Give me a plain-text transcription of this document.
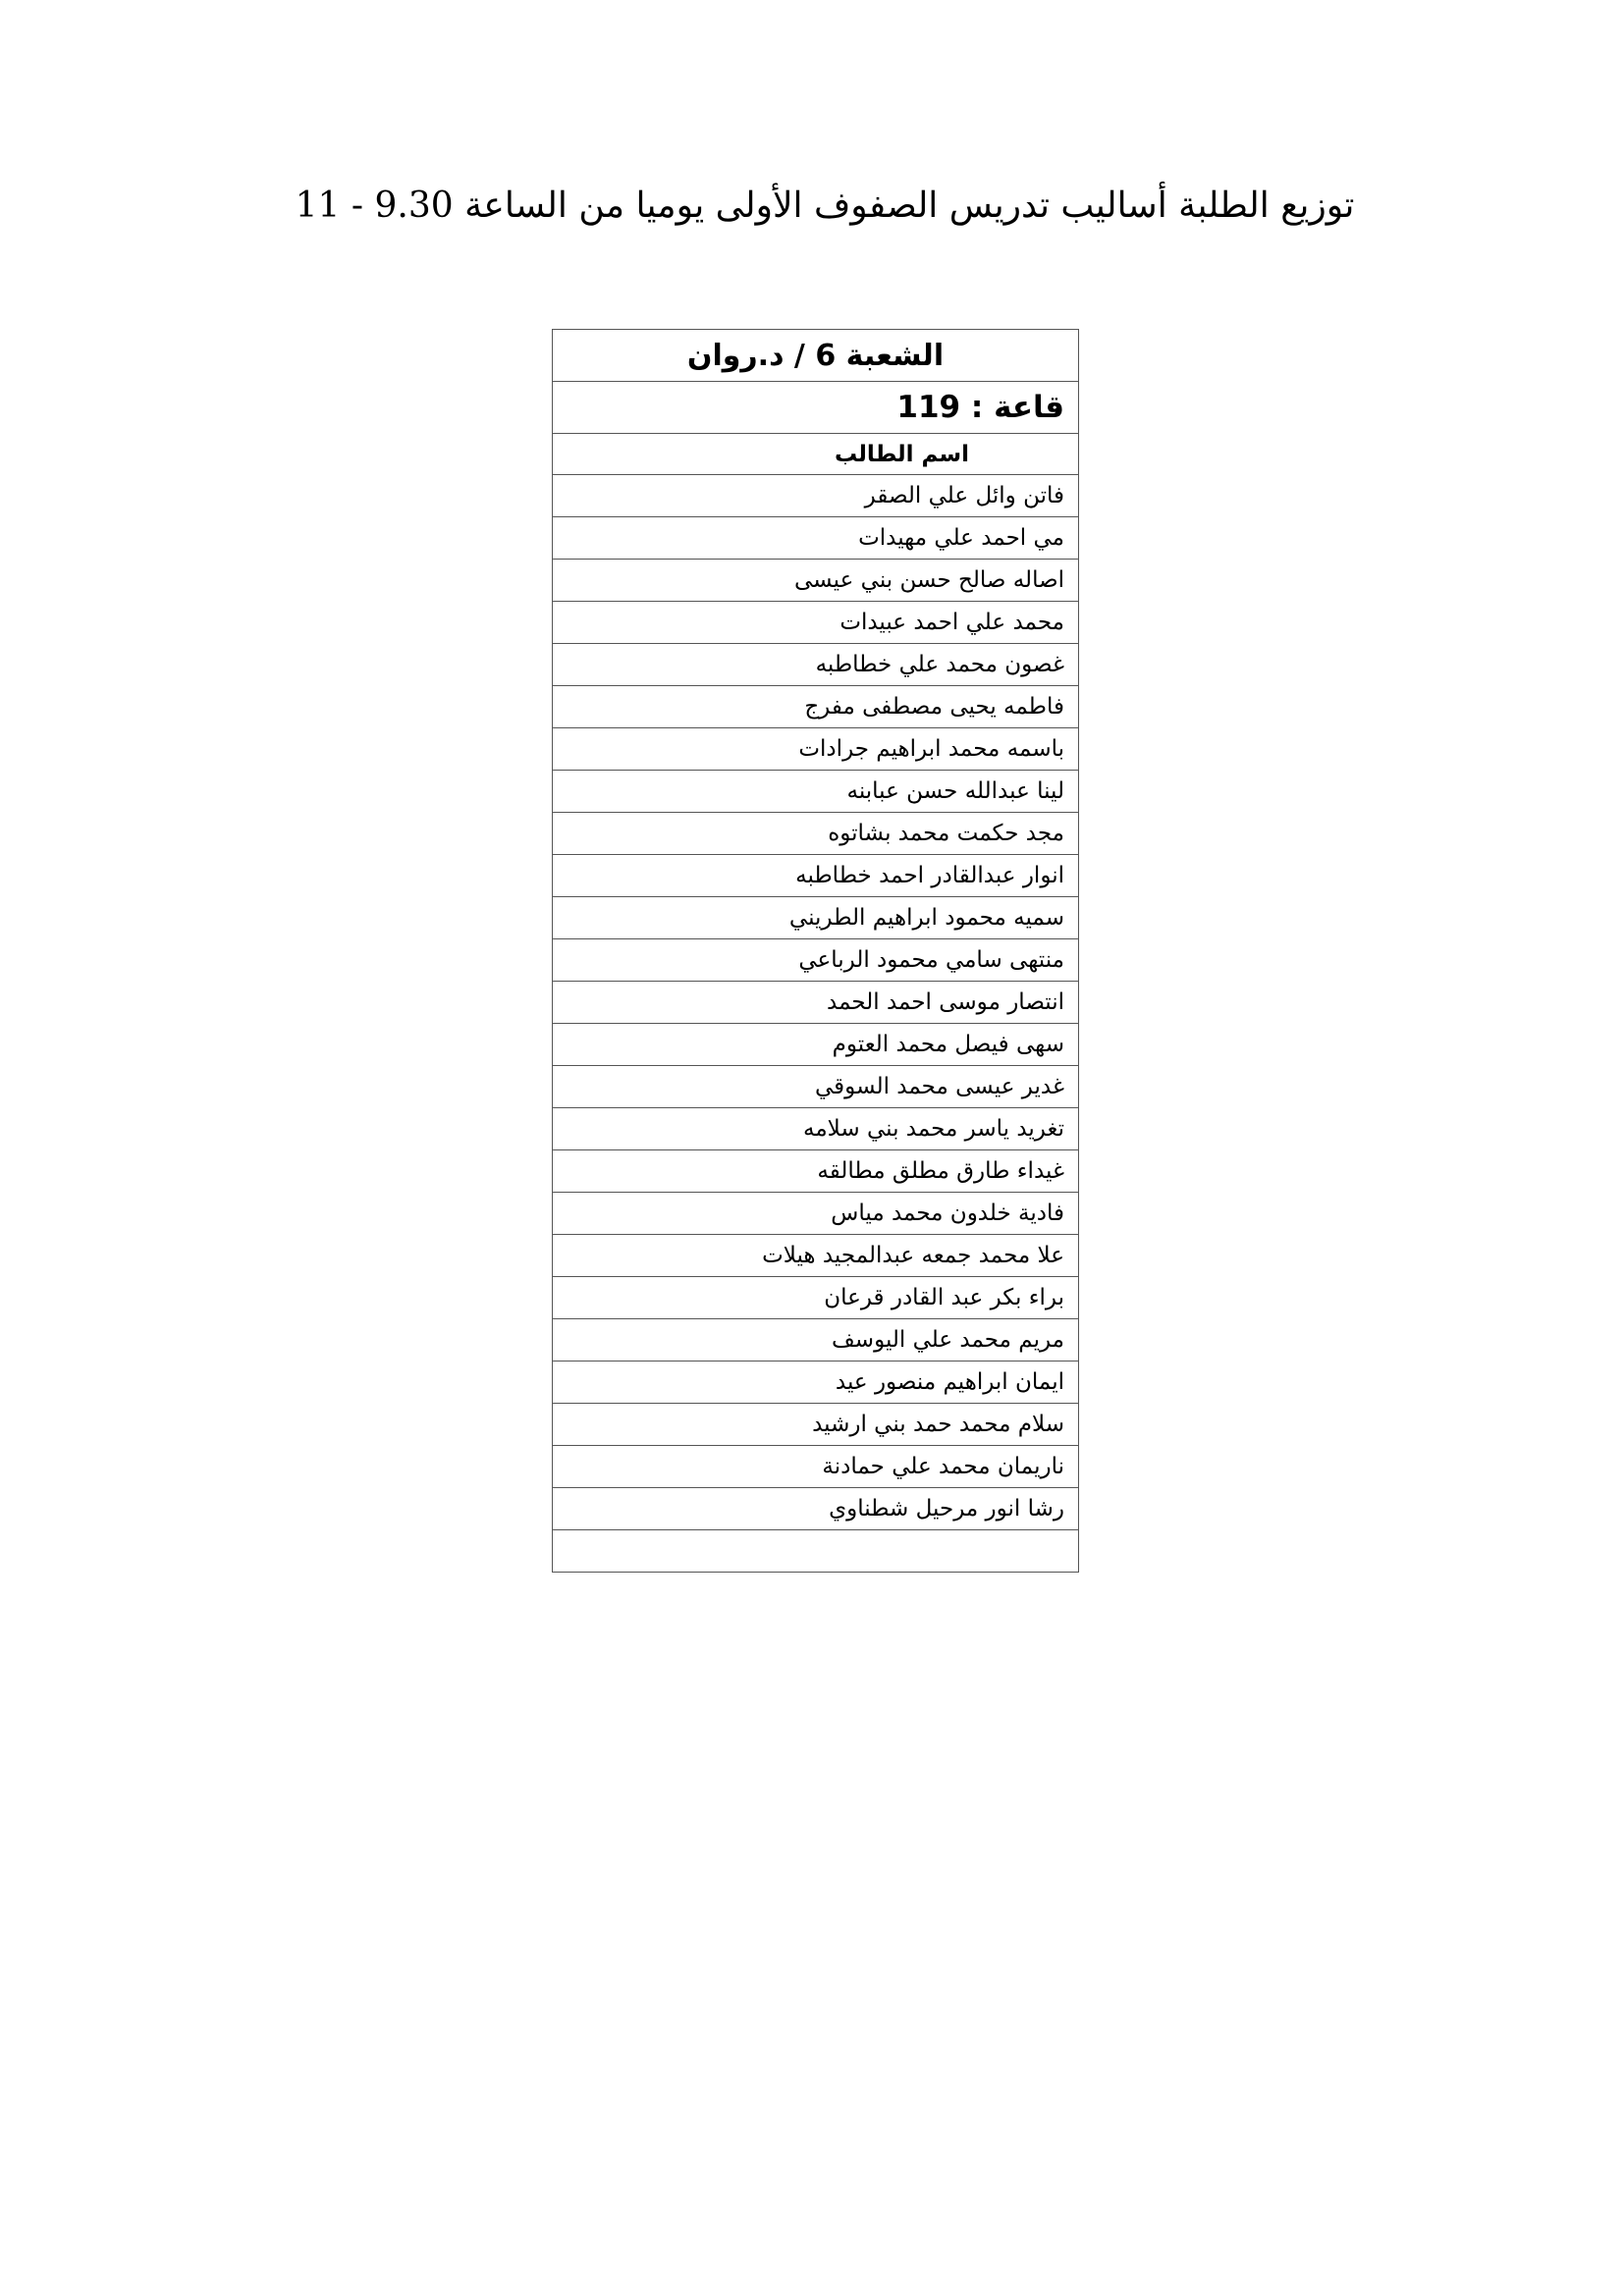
توزيع الطلبة أساليب تدريس الصفوف الأولى يوميا من الساعة 9.30 - 11
الشعبة 6 / د.روان
قاعة : 119
اسم الطالب
فاتن وائل علي الصقر
مي احمد علي مهيدات
اصاله صالح حسن بني عيسى
محمد علي احمد عبيدات
غصون محمد علي خطاطبه
فاطمه يحيى مصطفى مفرج
باسمه محمد ابراهيم جرادات
لينا عبدالله حسن عبابنه
مجد حكمت محمد بشاتوه
انوار عبدالقادر احمد خطاطبه
سميه محمود ابراهيم الطريني
منتهى سامي محمود الرباعي
انتصار موسى احمد الحمد
سهى فيصل محمد العتوم
غدير عيسى محمد السوقي
تغريد ياسر محمد بني سلامه
غيداء طارق مطلق مطالقه
فادية خلدون محمد مياس
علا محمد جمعه عبدالمجيد هيلات
براء بكر عبد القادر قرعان
مريم محمد علي اليوسف
ايمان ابراهيم منصور عيد
سلام محمد حمد بني ارشيد
ناريمان محمد علي حمادنة
رشا انور مرحيل شطناوي
